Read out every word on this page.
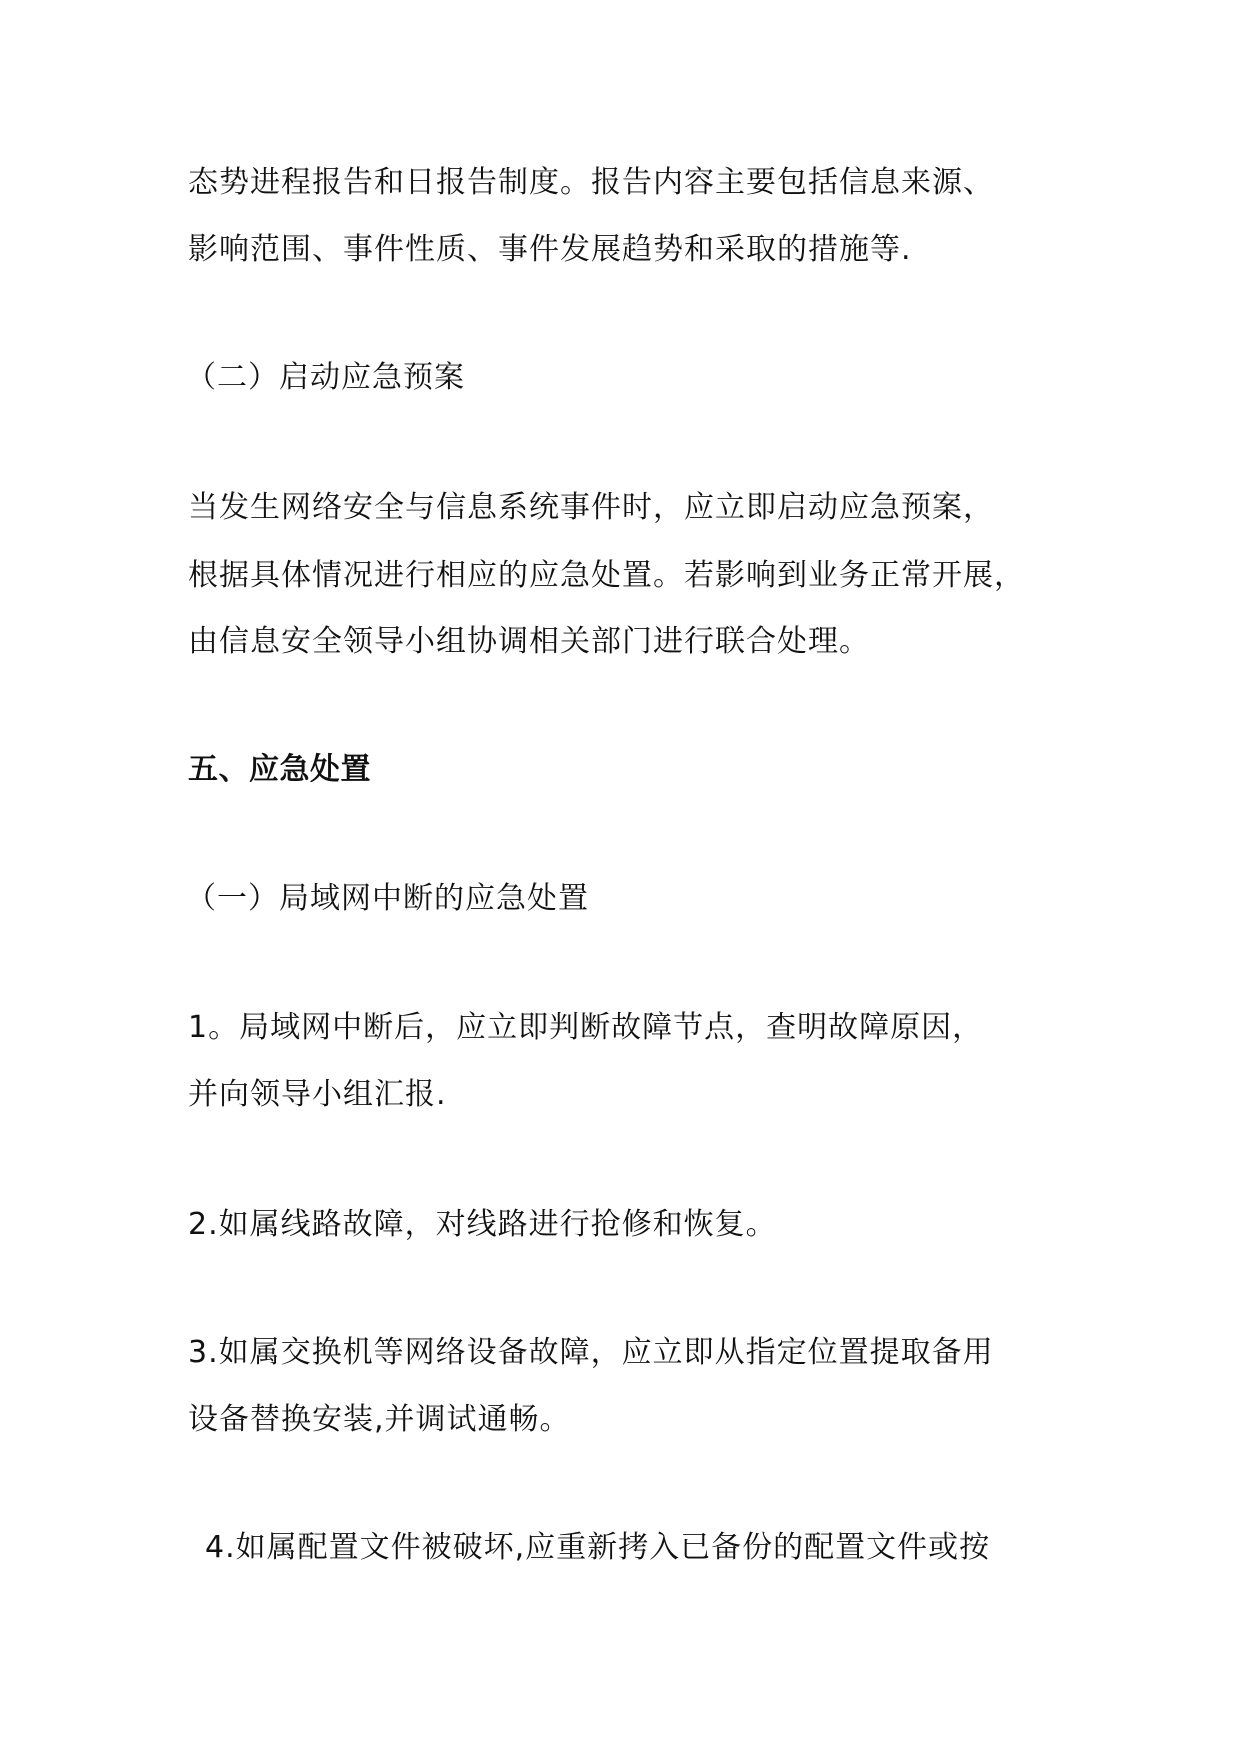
态势进程报告和日报告制度。报告内容主要包括信息来源、
影响范围、事件性质、事件发展趋势和采取的措施等.
（二）启动应急预案
当发生网络安全与信息系统事件时，应立即启动应急预案，
根据具体情况进行相应的应急处置。若影响到业务正常开展，
由信息安全领导小组协调相关部门进行联合处理。
五、应急处置
（一）局域网中断的应急处置
1。局域网中断后，应立即判断故障节点，查明故障原因，
并向领导小组汇报.
2.如属线路故障，对线路进行抢修和恢复。
3.如属交换机等网络设备故障，应立即从指定位置提取备用
设备替换安装,并调试通畅。
4.如属配置文件被破坏,应重新拷入已备份的配置文件或按
